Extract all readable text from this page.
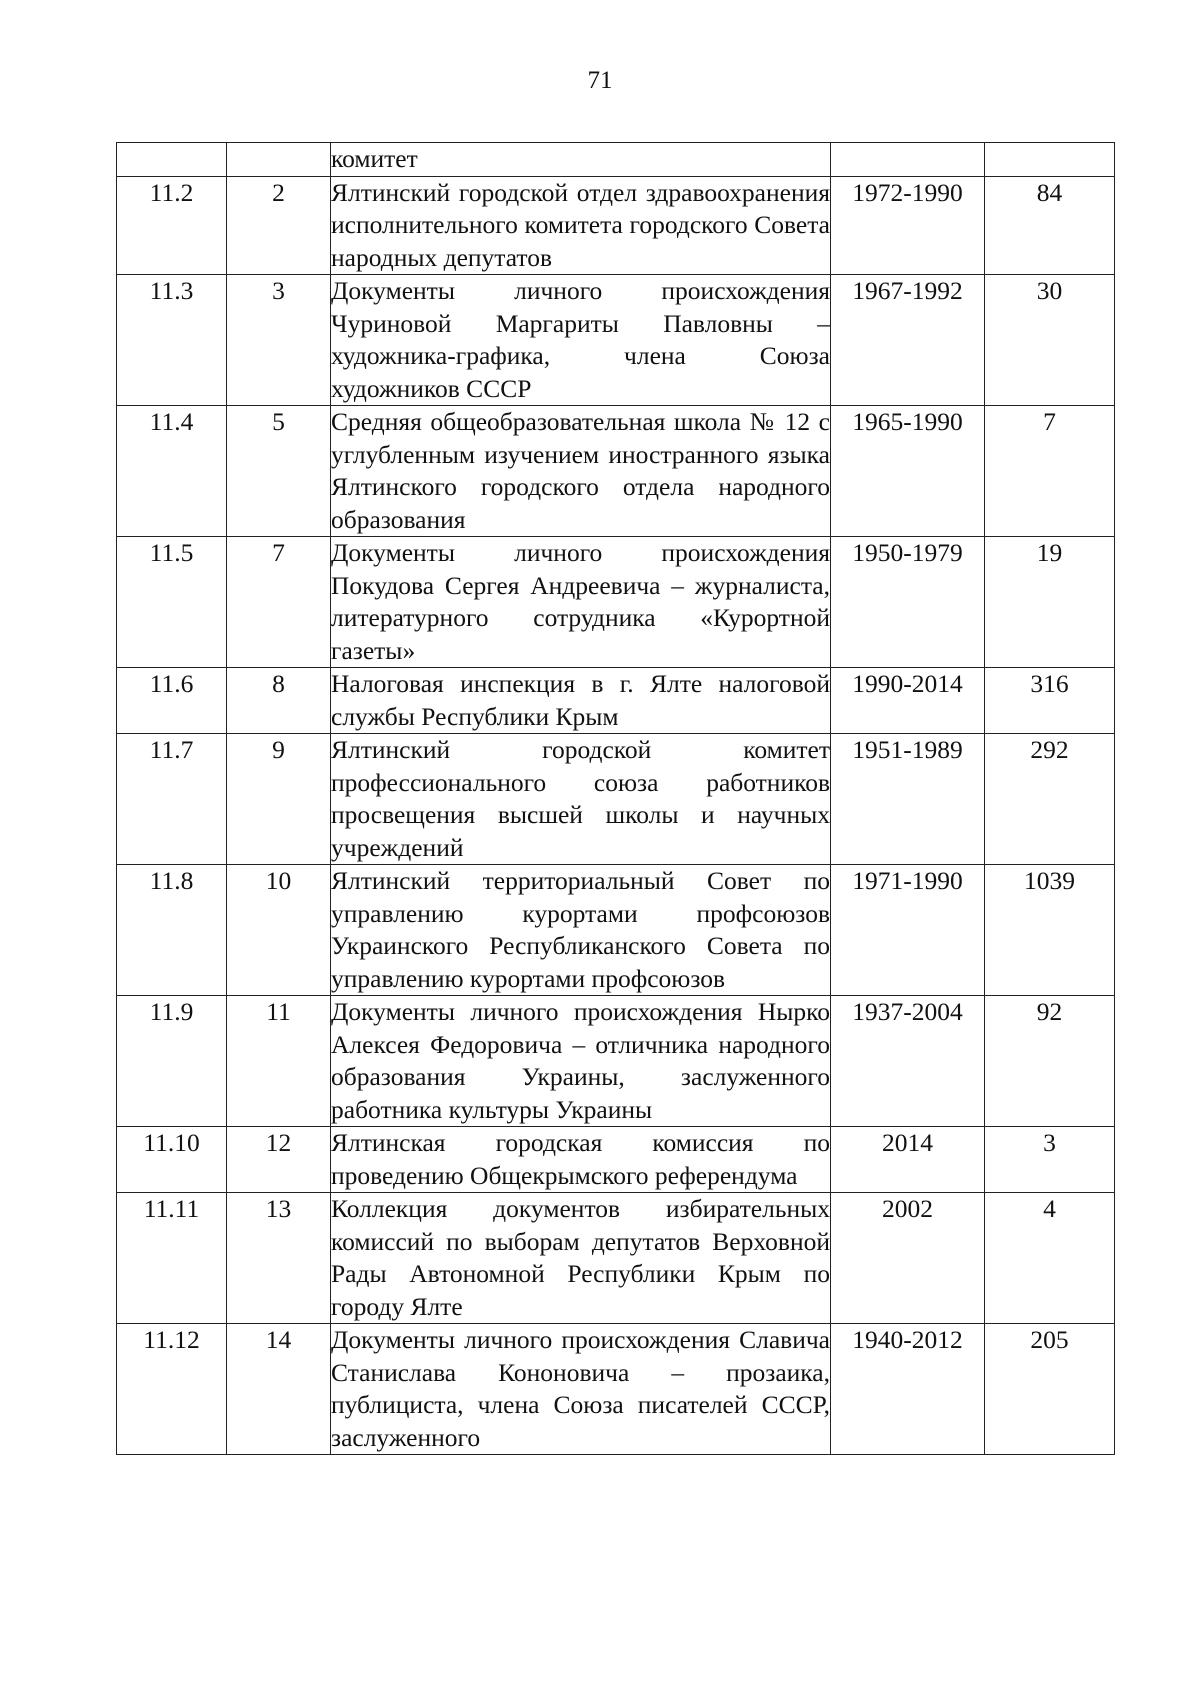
71
		комитет		
11.2	2	Ялтинский городской отдел здравоохранения исполнительного комитета городского Совета народных депутатов	1972-1990	84
11.3	3	Документы личного происхождения Чуриновой Маргариты Павловны – художника-графика, члена Союза художников СССР	1967-1992	30
11.4	5	Средняя общеобразовательная школа № 12 с углубленным изучением иностранного языка Ялтинского городского отдела народного образования	1965-1990	7
11.5	7	Документы личного происхождения Покудова Сергея Андреевича – журналиста, литературного сотрудника «Курортной газеты»	1950-1979	19
11.6	8	Налоговая инспекция в г. Ялте налоговой службы Республики Крым	1990-2014	316
11.7	9	Ялтинский городской комитет профессионального союза работников просвещения высшей школы и научных учреждений	1951-1989	292
11.8	10	Ялтинский территориальный Совет по управлению курортами профсоюзов Украинского Республиканского Совета по управлению курортами профсоюзов	1971-1990	1039
11.9	11	Документы личного происхождения Нырко Алексея Федоровича – отличника народного образования Украины, заслуженного работника культуры Украины	1937-2004	92
11.10	12	Ялтинская городская комиссия по проведению Общекрымского референдума	2014	3
11.11	13	Коллекция документов избирательных комиссий по выборам депутатов Верховной Рады Автономной Республики Крым по городу Ялте	2002	4
11.12	14	Документы личного происхождения Славича Станислава Кононовича – прозаика, публициста, члена Союза писателей СССР, заслуженного	1940-2012	205
